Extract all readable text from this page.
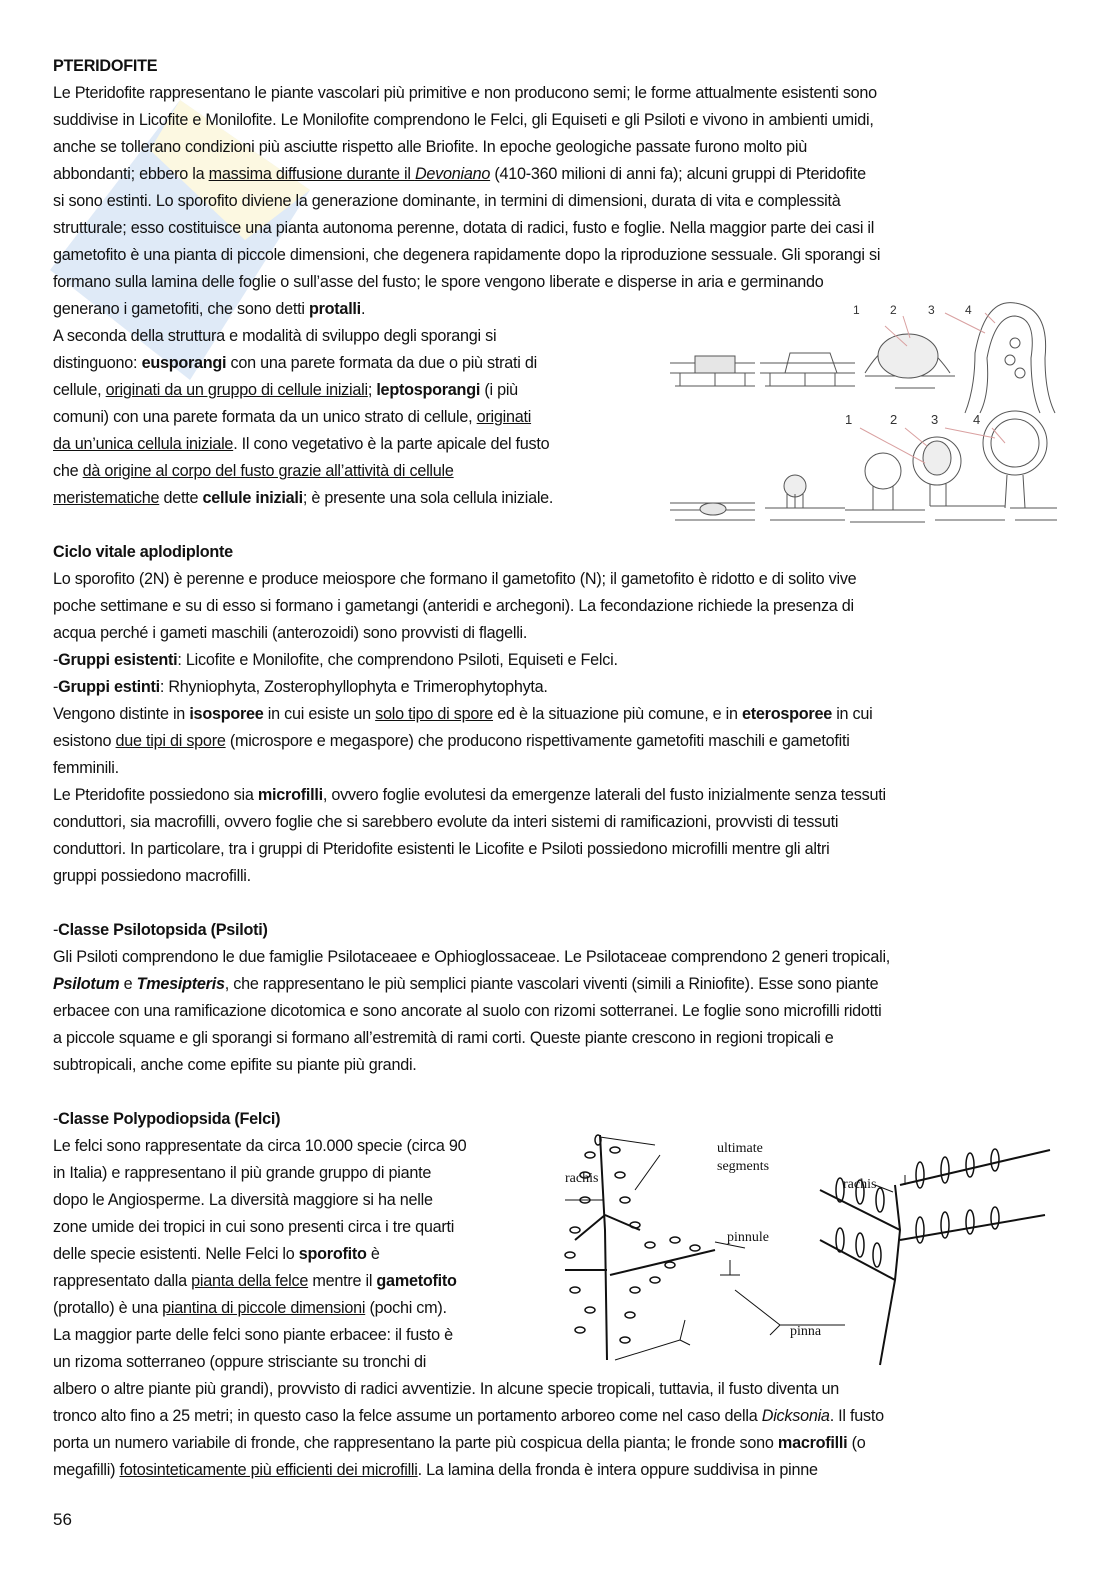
PTERIDOFITE
Le Pteridofite rappresentano le piante vascolari più primitive e non producono semi; le forme attualmente esistenti sono
suddivise in Licofite e Monilofite. Le Monilofite comprendono le Felci, gli Equiseti e gli Psiloti e vivono in ambienti umidi,
anche se tollerano condizioni più asciutte rispetto alle Briofite. In epoche geologiche passate furono molto più
abbondanti; ebbero la massima diffusione durante il Devoniano (410-360 milioni di anni fa); alcuni gruppi di Pteridofite
si sono estinti. Lo sporofito diviene la generazione dominante, in termini di dimensioni, durata di vita e complessità
strutturale; esso costituisce una pianta autonoma perenne, dotata di radici, fusto e foglie. Nella maggior parte dei casi il
gametofito è una pianta di piccole dimensioni, che degenera rapidamente dopo la riproduzione sessuale. Gli sporangi si
formano sulla lamina delle foglie o sull’asse del fusto; le spore vengono liberate e disperse in aria e germinando
generano i gametofiti, che sono detti protalli.
A seconda della struttura e modalità di sviluppo degli sporangi si
distinguono: eusporangi con una parete formata da due o più strati di
cellule, originati da un gruppo di cellule iniziali; leptosporangi (i più
comuni) con una parete formata da un unico strato di cellule, originati
da un’unica cellula iniziale. Il cono vegetativo è la parte apicale del fusto
che dà origine al corpo del fusto grazie all’attività di cellule
meristematiche dette cellule iniziali; è presente una sola cellula iniziale.
Ciclo vitale aplodiplonte
Lo sporofito (2N) è perenne e produce meiospore che formano il gametofito (N); il gametofito è ridotto e di solito vive
poche settimane e su di esso si formano i gametangi (anteridi e archegoni). La fecondazione richiede la presenza di
acqua perché i gameti maschili (anterozoidi) sono provvisti di flagelli.
-Gruppi esistenti: Licofite e Monilofite, che comprendono Psiloti, Equiseti e Felci.
-Gruppi estinti: Rhyniophyta, Zosterophyllophyta e Trimerophytophyta.
Vengono distinte in isosporee in cui esiste un solo tipo di spore ed è la situazione più comune, e in eterosporee in cui
esistono due tipi di spore (microspore e megaspore) che producono rispettivamente gametofiti maschili e gametofiti
femminili.
Le Pteridofite possiedono sia microfilli, ovvero foglie evolutesi da emergenze laterali del fusto inizialmente senza tessuti
conduttori, sia macrofilli, ovvero foglie che si sarebbero evolute da interi sistemi di ramificazioni, provvisti di tessuti
conduttori. In particolare, tra i gruppi di Pteridofite esistenti le Licofite e Psiloti possiedono microfilli mentre gli altri
gruppi possiedono macrofilli.
-Classe Psilotopsida (Psiloti)
Gli Psiloti comprendono le due famiglie Psilotaceaee e Ophioglossaceae. Le Psilotaceae comprendono 2 generi tropicali,
Psilotum e Tmesipteris, che rappresentano le più semplici piante vascolari viventi (simili a Riniofite). Esse sono piante
erbacee con una ramificazione dicotomica e sono ancorate al suolo con rizomi sotterranei. Le foglie sono microfilli ridotti
a piccole squame e gli sporangi si formano all’estremità di rami corti. Queste piante crescono in regioni tropicali e
subtropicali, anche come epifite su piante più grandi.
-Classe Polypodiopsida (Felci)
Le felci sono rappresentate da circa 10.000 specie (circa 90
in Italia) e rappresentano il più grande gruppo di piante
dopo le Angiosperme. La diversità maggiore si ha nelle
zone umide dei tropici in cui sono presenti circa i tre quarti
delle specie esistenti. Nelle Felci lo sporofito è
rappresentato dalla pianta della felce mentre il gametofito
(protallo) è una piantina di piccole dimensioni (pochi cm).
La maggior parte delle felci sono piante erbacee: il fusto è
un rizoma sotterraneo (oppure strisciante su tronchi di
albero o altre piante più grandi), provvisto di radici avventizie. In alcune specie tropicali, tuttavia, il fusto diventa un
tronco alto fino a 25 metri; in questo caso la felce assume un portamento arboreo come nel caso della Dicksonia. Il fusto
porta un numero variabile di fronde, che rappresentano la parte più cospicua della pianta; le fronde sono macrofilli (o
megafilli) fotosinteticamente più efficienti dei microfilli. La lamina della fronda è intera oppure suddivisa in pinne
1	2	3	4
1	2	3	4
rachis
ultimate
segments
pinnule
pinna
rachis
56
